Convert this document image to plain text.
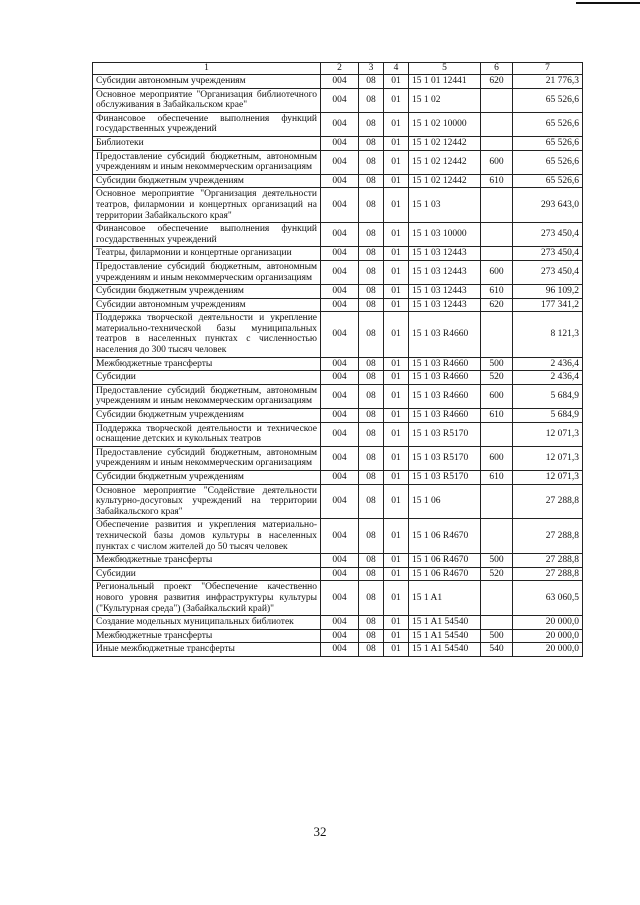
1	2	3	4	5	6	7
Субсидии автономным учреждениям	004	08	01	15 1 01 12441	620	21 776,3
Основное мероприятие "Организация библиотечного обслуживания в Забайкальском крае"	004	08	01	15 1 02		65 526,6
Финансовое обеспечение выполнения функций государственных учреждений	004	08	01	15 1 02 10000		65 526,6
Библиотеки	004	08	01	15 1 02 12442		65 526,6
Предоставление субсидий бюджетным, автономным учреждениям и иным некоммерческим организациям	004	08	01	15 1 02 12442	600	65 526,6
Субсидии бюджетным учреждениям	004	08	01	15 1 02 12442	610	65 526,6
Основное мероприятие "Организация деятельности театров, филармонии и концертных организаций на территории Забайкальского края"	004	08	01	15 1 03		293 643,0
Финансовое обеспечение выполнения функций государственных учреждений	004	08	01	15 1 03 10000		273 450,4
Театры, филармонии и концертные организации	004	08	01	15 1 03 12443		273 450,4
Предоставление субсидий бюджетным, автономным учреждениям и иным некоммерческим организациям	004	08	01	15 1 03 12443	600	273 450,4
Субсидии бюджетным учреждениям	004	08	01	15 1 03 12443	610	96 109,2
Субсидии автономным учреждениям	004	08	01	15 1 03 12443	620	177 341,2
Поддержка творческой деятельности и укрепление материально-технической базы муниципальных театров в населенных пунктах с численностью населения до 300 тысяч человек	004	08	01	15 1 03 R4660		8 121,3
Межбюджетные трансферты	004	08	01	15 1 03 R4660	500	2 436,4
Субсидии	004	08	01	15 1 03 R4660	520	2 436,4
Предоставление субсидий бюджетным, автономным учреждениям и иным некоммерческим организациям	004	08	01	15 1 03 R4660	600	5 684,9
Субсидии бюджетным учреждениям	004	08	01	15 1 03 R4660	610	5 684,9
Поддержка творческой деятельности и техническое оснащение детских и кукольных театров	004	08	01	15 1 03 R5170		12 071,3
Предоставление субсидий бюджетным, автономным учреждениям и иным некоммерческим организациям	004	08	01	15 1 03 R5170	600	12 071,3
Субсидии бюджетным учреждениям	004	08	01	15 1 03 R5170	610	12 071,3
Основное мероприятие "Содействие деятельности культурно-досуговых учреждений на территории Забайкальского края"	004	08	01	15 1 06		27 288,8
Обеспечение развития и укрепления материально-технической базы домов культуры в населенных пунктах с числом жителей до 50 тысяч человек	004	08	01	15 1 06 R4670		27 288,8
Межбюджетные трансферты	004	08	01	15 1 06 R4670	500	27 288,8
Субсидии	004	08	01	15 1 06 R4670	520	27 288,8
Региональный проект "Обеспечение качественно нового уровня развития инфраструктуры культуры ("Культурная среда") (Забайкальский край)"	004	08	01	15 1 A1		63 060,5
Создание модельных муниципальных библиотек	004	08	01	15 1 A1 54540		20 000,0
Межбюджетные трансферты	004	08	01	15 1 A1 54540	500	20 000,0
Иные межбюджетные трансферты	004	08	01	15 1 A1 54540	540	20 000,0
32
